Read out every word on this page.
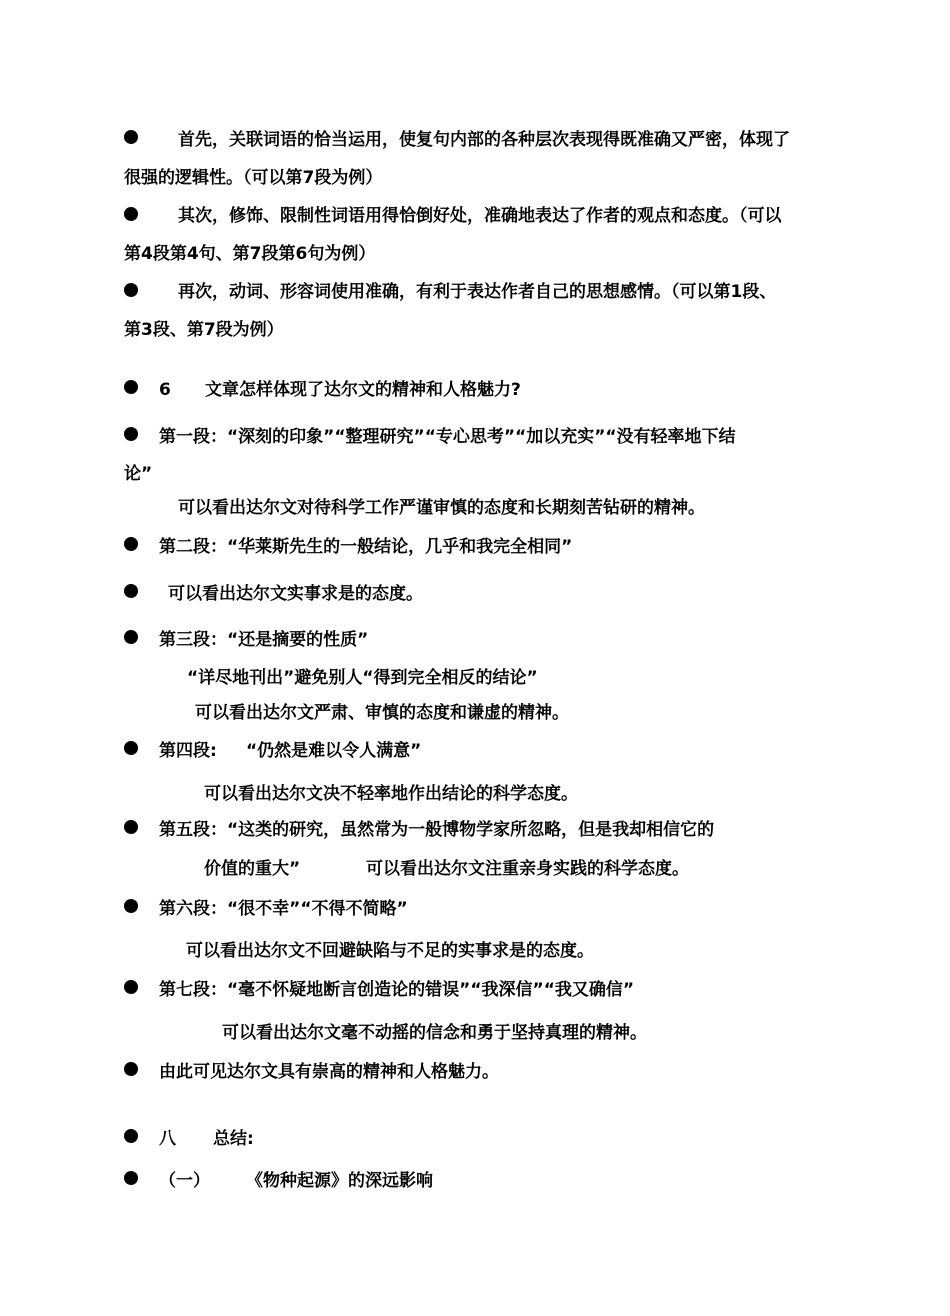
首先，关联词语的恰当运用，使复句内部的各种层次表现得既准确又严密，体现了
很强的逻辑性。（可以第7段为例）
其次，修饰、限制性词语用得恰倒好处，准确地表达了作者的观点和态度。（可以
第4段第4句、第7段第6句为例）
再次，动词、形容词使用准确，有利于表达作者自己的思想感情。（可以第1段、
第3段、第7段为例）
6 文章怎样体现了达尔文的精神和人格魅力?
第一段：“深刻的印象”“整理研究”“专心思考”“加以充实”“没有轻率地下结
论”
可以看出达尔文对待科学工作严谨审慎的态度和长期刻苦钻研的精神。
第二段：“华莱斯先生的一般结论，几乎和我完全相同”
可以看出达尔文实事求是的态度。
第三段：“还是摘要的性质”
“详尽地刊出”避免别人“得到完全相反的结论”
可以看出达尔文严肃、审慎的态度和谦虚的精神。
第四段: “仍然是难以令人满意”
可以看出达尔文决不轻率地作出结论的科学态度。
第五段：“这类的研究，虽然常为一般博物学家所忽略，但是我却相信它的
价值的重大”	可以看出达尔文注重亲身实践的科学态度。
第六段：“很不幸”“不得不简略”
可以看出达尔文不回避缺陷与不足的实事求是的态度。
第七段：“毫不怀疑地断言创造论的错误”“我深信”“我又确信”
可以看出达尔文毫不动摇的信念和勇于坚持真理的精神。
由此可见达尔文具有崇高的精神和人格魅力。
八 总结:
（一） 《物种起源》的深远影响
